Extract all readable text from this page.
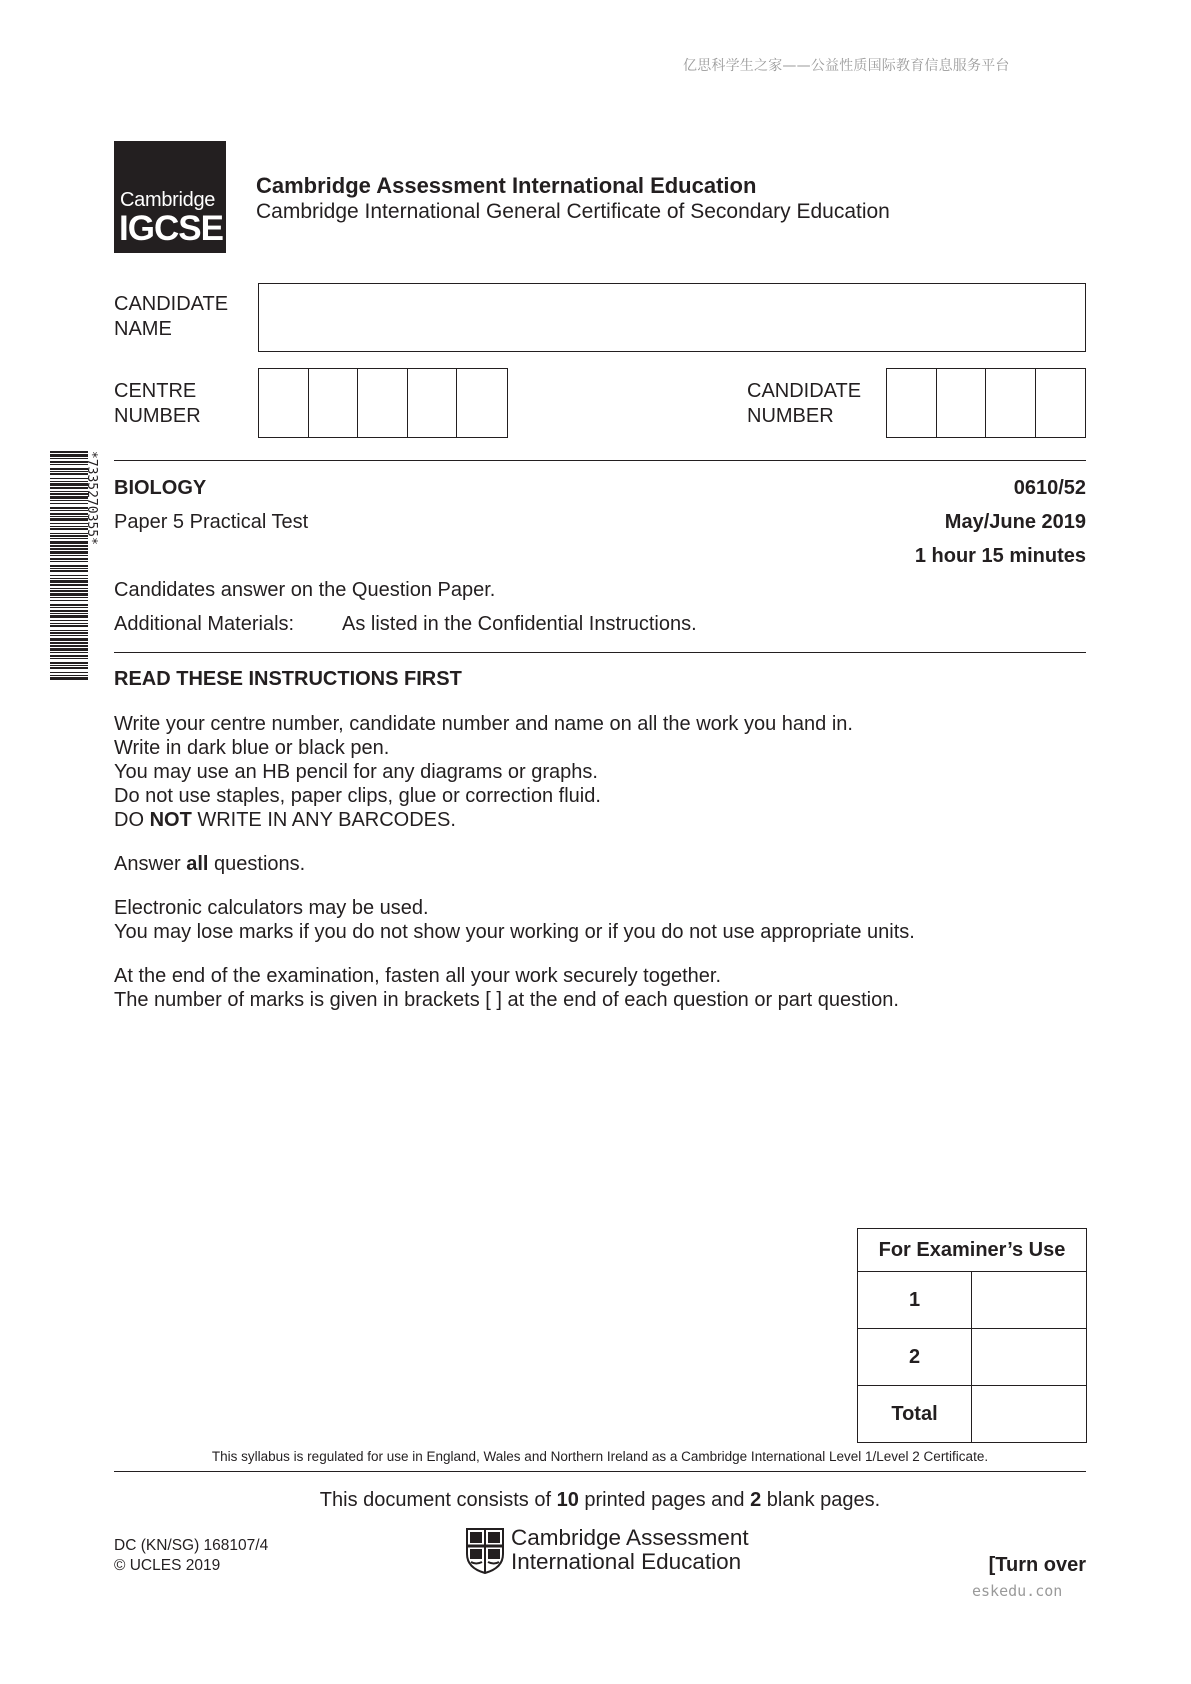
亿思科学生之家——公益性质国际教育信息服务平台
eskedu.con
Cambridge
IGCSE
Cambridge Assessment International Education
Cambridge International General Certificate of Secondary Education
CANDIDATE
NAME
CENTRE
NUMBER
CANDIDATE
NUMBER
*7335270355* BIOLOGY	0610/52
Paper 5 Practical Test	May/June 2019
1 hour 15 minutes
Candidates answer on the Question Paper.
Additional Materials: As listed in the Confidential Instructions.
READ THESE INSTRUCTIONS FIRST
Write your centre number, candidate number and name on all the work you hand in.
Write in dark blue or black pen.
You may use an HB pencil for any diagrams or graphs.
Do not use staples, paper clips, glue or correction fluid.
DO NOT WRITE IN ANY BARCODES.
Answer all questions.
Electronic calculators may be used.
You may lose marks if you do not show your working or if you do not use appropriate units.
At the end of the examination, fasten all your work securely together.
The number of marks is given in brackets [ ] at the end of each question or part question.
For Examiner’s Use	
1	
2	
Total	
This syllabus is regulated for use in England, Wales and Northern Ireland as a Cambridge International Level 1/Level 2 Certificate.
This document consists of 10 printed pages and 2 blank pages.
DC (KN/SG) 168107/4
© UCLES 2019
Cambridge Assessment
International Education	[Turn over
